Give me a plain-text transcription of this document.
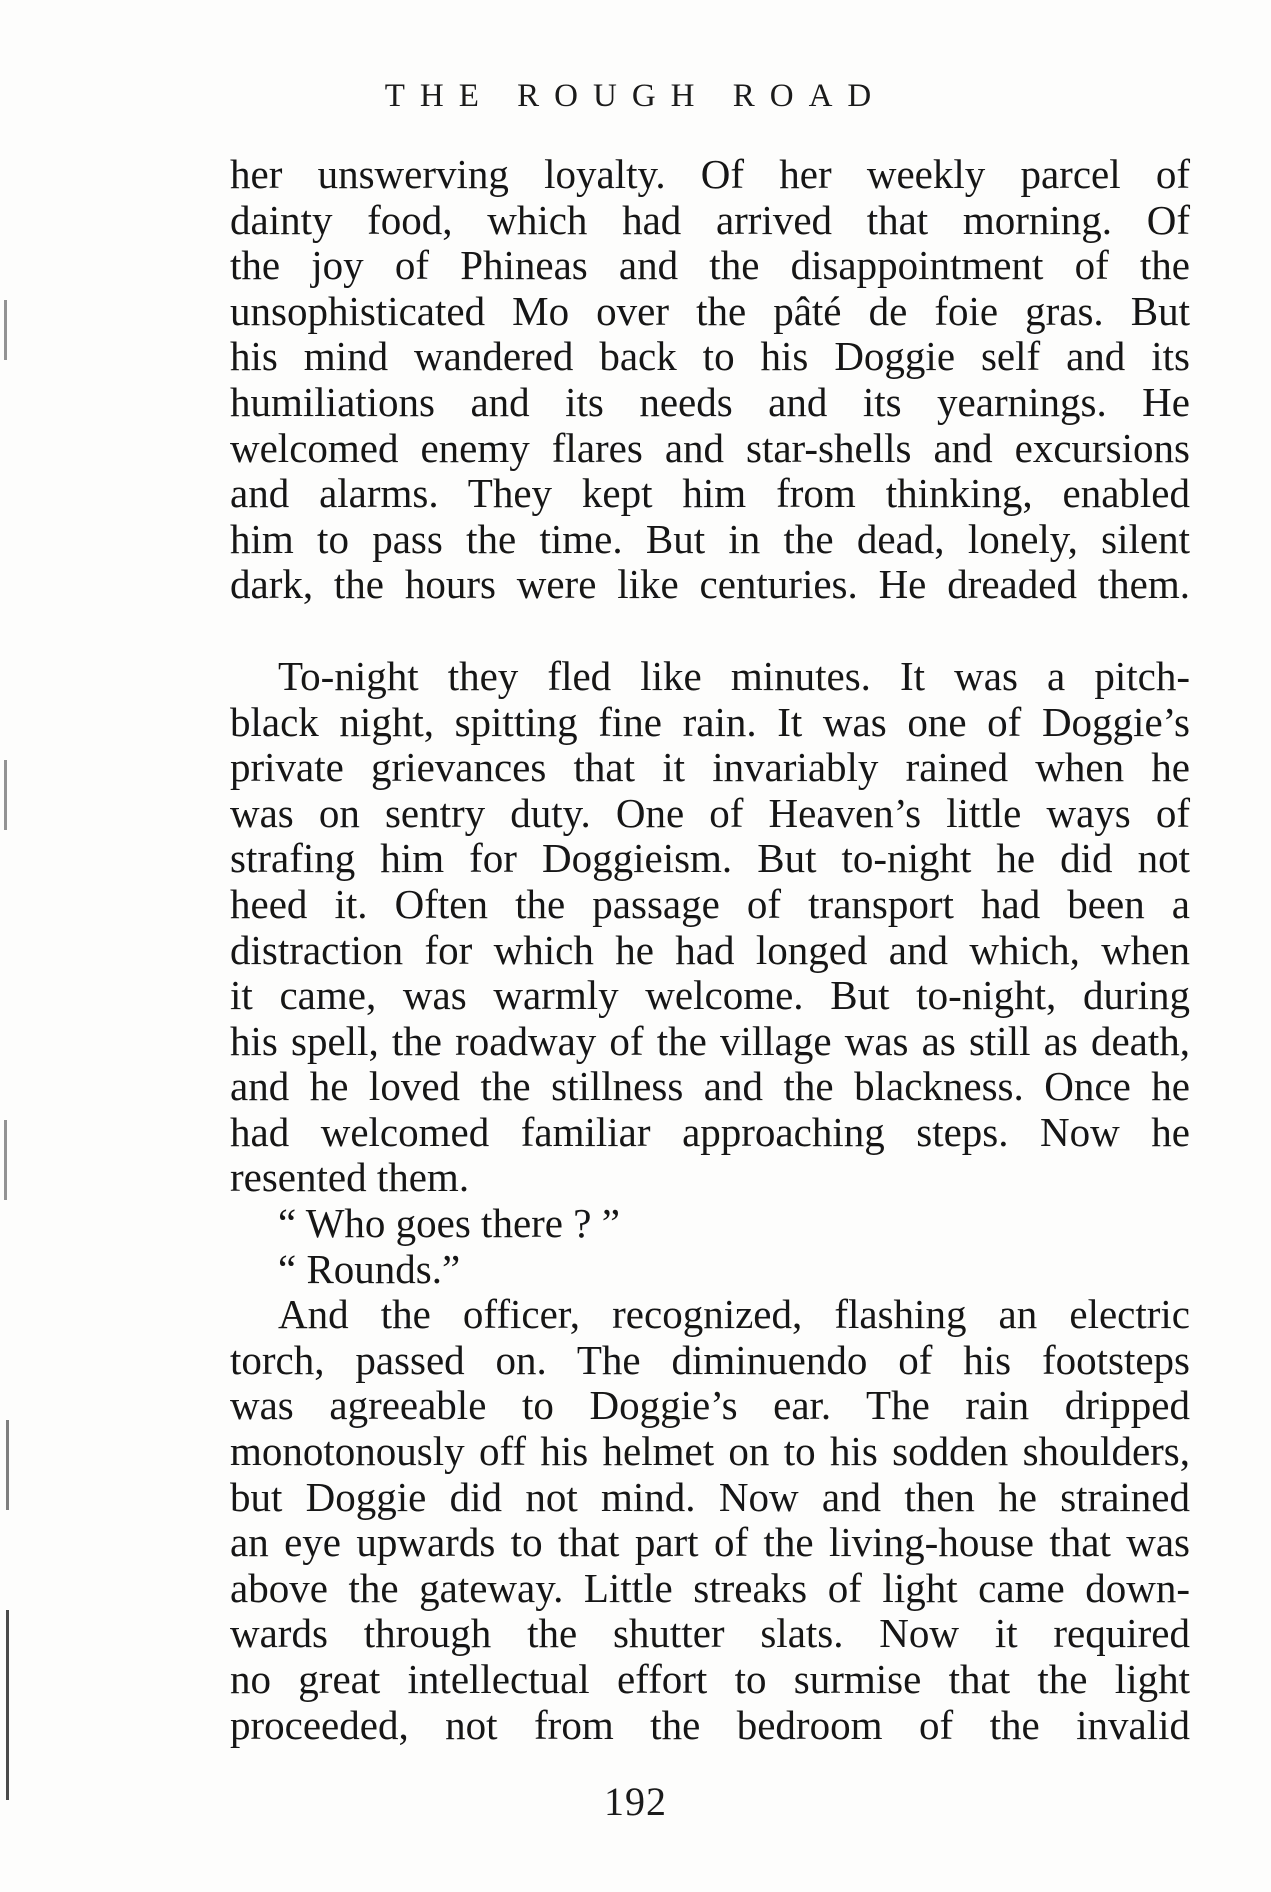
THE ROUGH ROAD
her unswerving loyalty. Of her weekly parcel of
dainty food, which had arrived that morning. Of
the joy of Phineas and the disappointment of the
unsophisticated Mo over the pâté de foie gras. But
his mind wandered back to his Doggie self and its
humiliations and its needs and its yearnings. He
welcomed enemy flares and star-shells and excursions
and alarms. They kept him from thinking, enabled
him to pass the time. But in the dead, lonely, silent
dark, the hours were like centuries. He dreaded them.
To-night they fled like minutes. It was a pitch-
black night, spitting fine rain. It was one of Doggie’s
private grievances that it invariably rained when he
was on sentry duty. One of Heaven’s little ways of
strafing him for Doggieism. But to-night he did not
heed it. Often the passage of transport had been a
distraction for which he had longed and which, when
it came, was warmly welcome. But to-night, during
his spell, the roadway of the village was as still as death,
and he loved the stillness and the blackness. Once he
had welcomed familiar approaching steps. Now he
resented them.
“ Who goes there ? ”
“ Rounds.”
And the officer, recognized, flashing an electric
torch, passed on. The diminuendo of his footsteps
was agreeable to Doggie’s ear. The rain dripped
monotonously off his helmet on to his sodden shoulders,
but Doggie did not mind. Now and then he strained
an eye upwards to that part of the living-house that was
above the gateway. Little streaks of light came down-
wards through the shutter slats. Now it required
no great intellectual effort to surmise that the light
proceeded, not from the bedroom of the invalid
192
